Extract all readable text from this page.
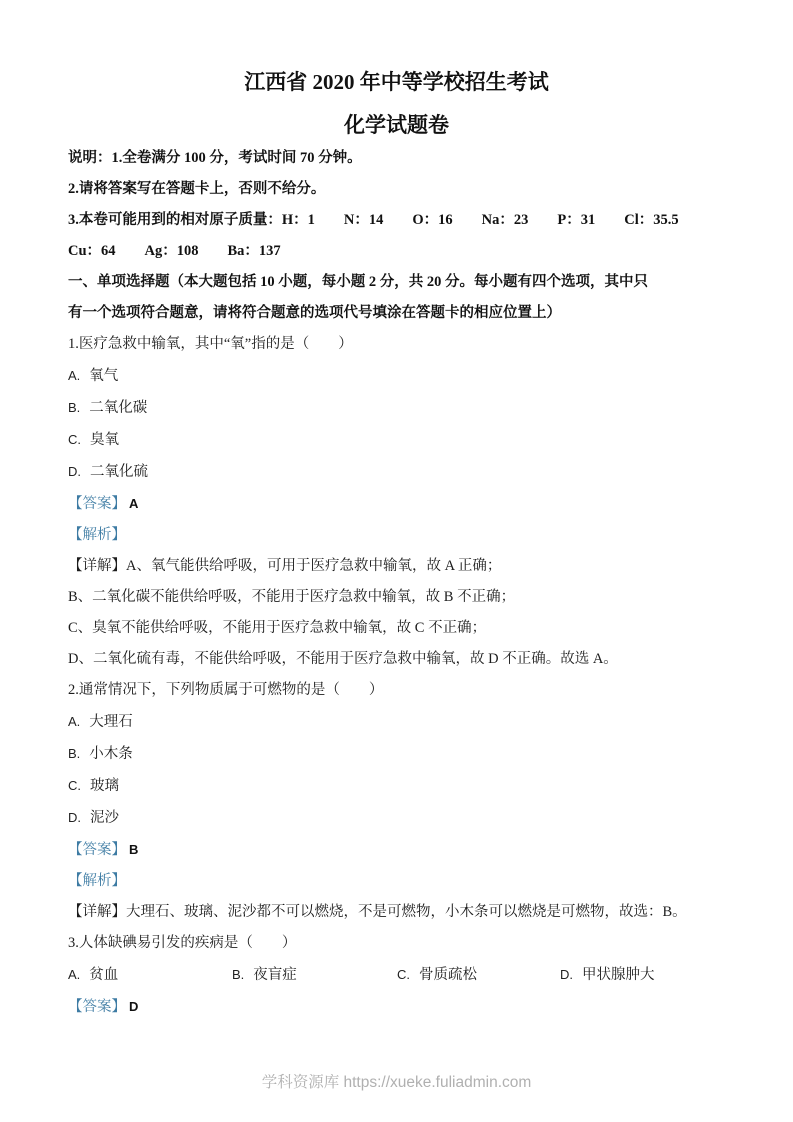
江西省 2020 年中等学校招生考试
化学试题卷

说明：1.全卷满分 100 分，考试时间 70 分钟。

2.请将答案写在答题卡上，否则不给分。

3.本卷可能用到的相对原子质量：H：1　　N：14　　O：16　　Na：23　　P：31　　Cl：35.5

Cu：64　　Ag：108　　Ba：137

一、单项选择题（本大题包括 10 小题，每小题 2 分，共 20 分。每小题有四个选项，其中只

有一个选项符合题意，请将符合题意的选项代号填涂在答题卡的相应位置上）

1.医疗急救中输氧，其中“氧”指的是（　　）

A. 氧气

B. 二氧化碳

C. 臭氧

D. 二氧化硫

【答案】 A

【解析】

【详解】A、氧气能供给呼吸，可用于医疗急救中输氧，故 A 正确；

B、二氧化碳不能供给呼吸，不能用于医疗急救中输氧，故 B 不正确；

C、臭氧不能供给呼吸，不能用于医疗急救中输氧，故 C 不正确；

D、二氧化硫有毒，不能供给呼吸，不能用于医疗急救中输氧，故 D 不正确。故选 A。

2.通常情况下，下列物质属于可燃物的是（　　）

A. 大理石

B. 小木条

C. 玻璃

D. 泥沙

【答案】 B

【解析】

【详解】大理石、玻璃、泥沙都不可以燃烧，不是可燃物，小木条可以燃烧是可燃物，故选：B。

3.人体缺碘易引发的疾病是（　　）

A. 贫血	B. 夜盲症	C. 骨质疏松	D. 甲状腺肿大

【答案】 D

学科资源库 https://xueke.fuliadmin.com
